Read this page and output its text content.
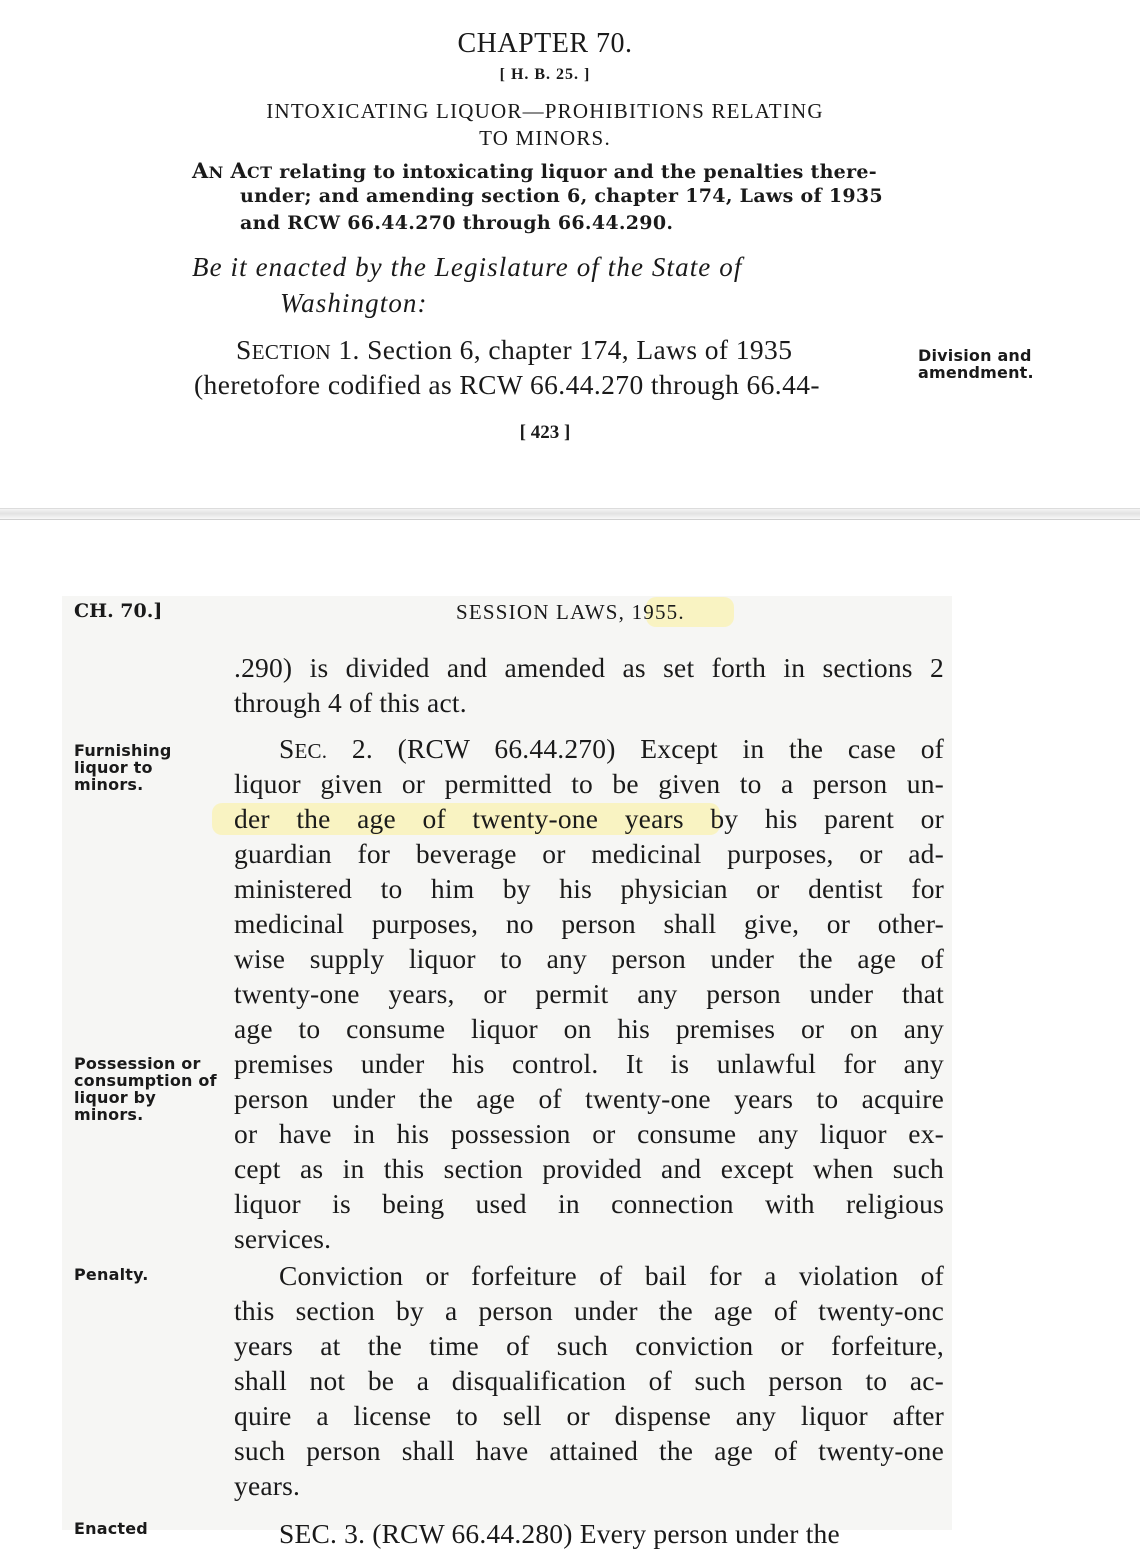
CHAPTER 70.
[ H. B. 25. ]
INTOXICATING LIQUOR—PROHIBITIONS RELATING
TO MINORS.
AN ACT relating to intoxicating liquor and the penalties there-
under; and amending section 6, chapter 174, Laws of 1935
and RCW 66.44.270 through 66.44.290.
Be it enacted by the Legislature of the State of
Washington:
SECTION 1. Section 6, chapter 174, Laws of 1935
(heretofore codified as RCW 66.44.270 through 66.44-
Division and
amendment.
[ 423 ]
CH. 70.]	SESSION LAWS, 1955.
.290) is divided and amended as set forth in sections 2
through 4 of this act.
SEC. 2. (RCW 66.44.270) Except in the case of
liquor given or permitted to be given to a person un-
der the age of twenty-one years by his parent or
guardian for beverage or medicinal purposes, or ad-
ministered to him by his physician or dentist for
medicinal purposes, no person shall give, or other-
wise supply liquor to any person under the age of
twenty-one years, or permit any person under that
age to consume liquor on his premises or on any
premises under his control. It is unlawful for any
person under the age of twenty-one years to acquire
or have in his possession or consume any liquor ex-
cept as in this section provided and except when such
liquor is being used in connection with religious
services.
Conviction or forfeiture of bail for a violation of
this section by a person under the age of twenty-onc
years at the time of such conviction or forfeiture,
shall not be a disqualification of such person to ac-
quire a license to sell or dispense any liquor after
such person shall have attained the age of twenty-one
years.
Furnishing
liquor to
minors.
Possession or
consumption of
liquor by
minors.
Penalty.
Enacted	SEC. 3. (RCW 66.44.280) Every person under the
